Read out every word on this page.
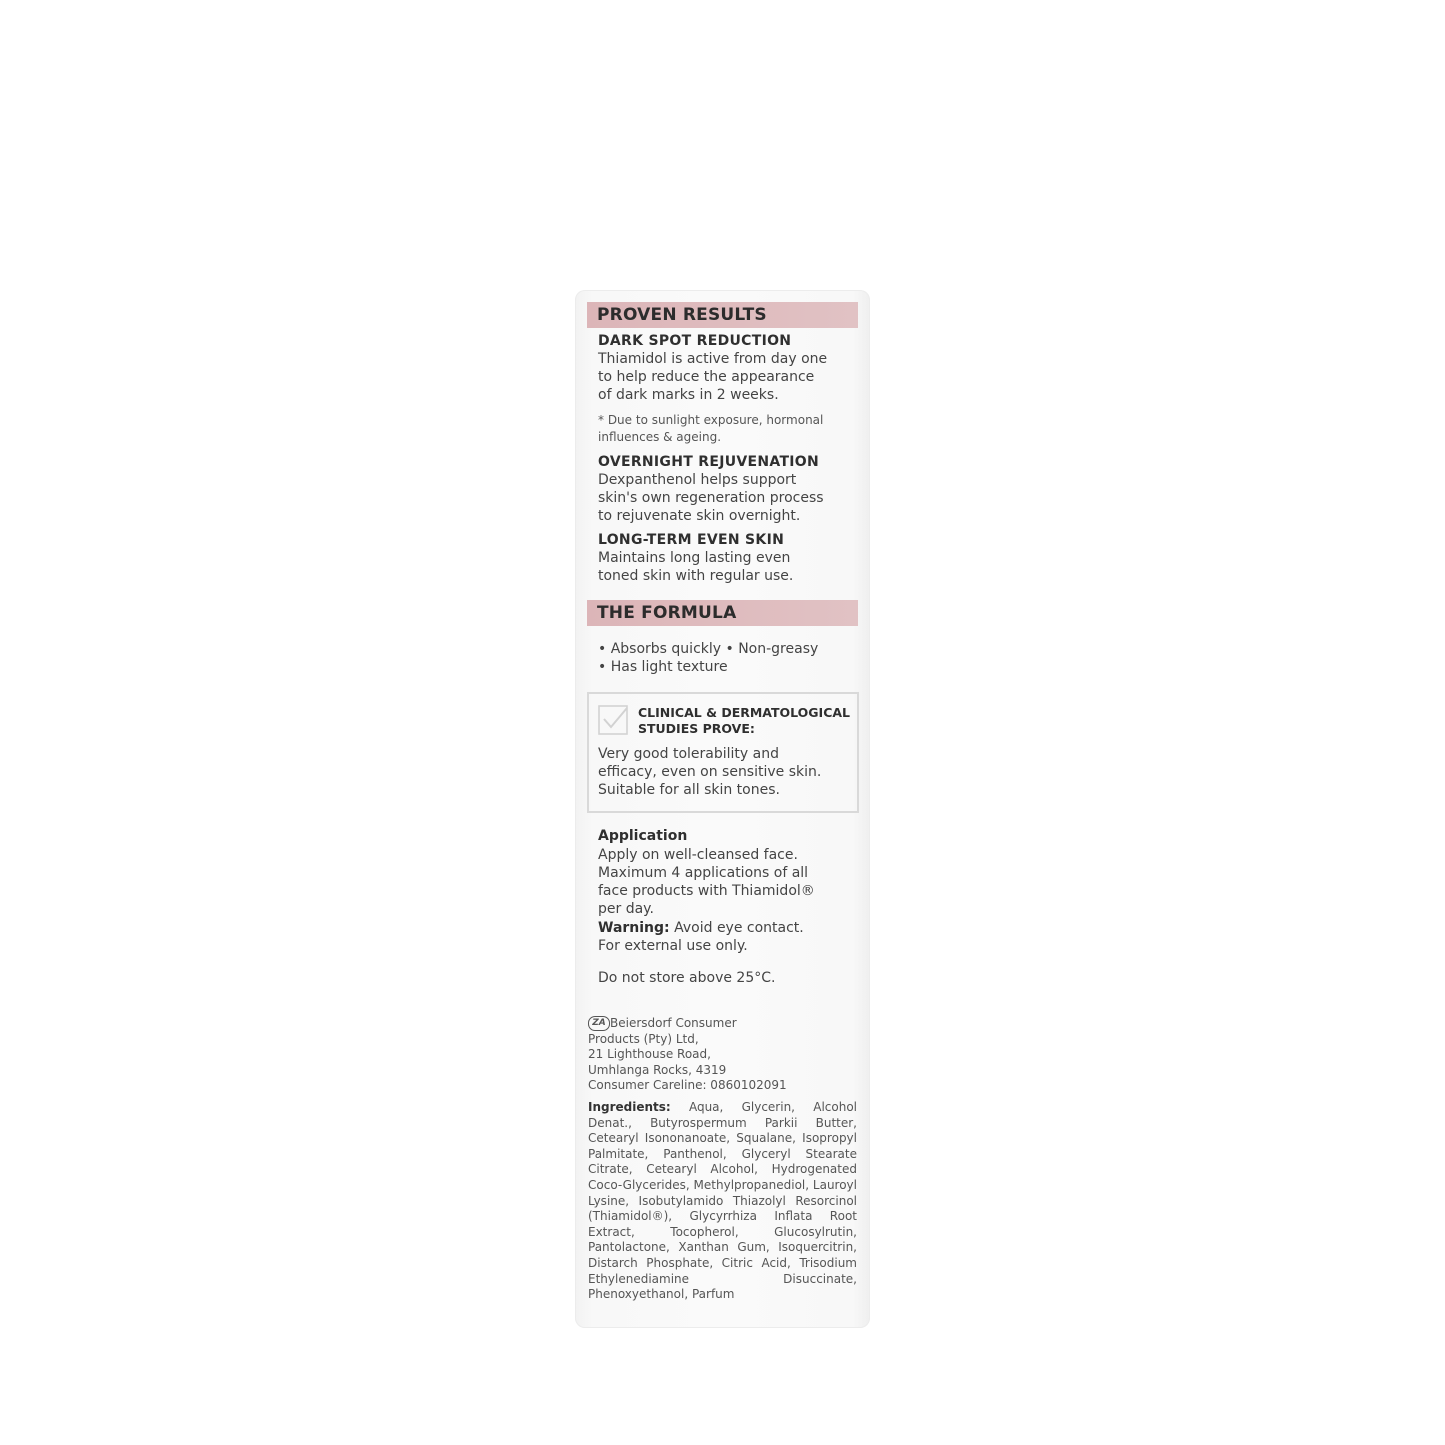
PROVEN RESULTS
DARK SPOT REDUCTION
Thiamidol is active from day one
to help reduce the appearance
of dark marks in 2 weeks.
* Due to sunlight exposure, hormonal
influences & ageing.
OVERNIGHT REJUVENATION
Dexpanthenol helps support
skin's own regeneration process
to rejuvenate skin overnight.
LONG-TERM EVEN SKIN
Maintains long lasting even
toned skin with regular use.
THE FORMULA
• Absorbs quickly • Non-greasy
• Has light texture
CLINICAL & DERMATOLOGICAL
STUDIES PROVE:
Very good tolerability and
efficacy, even on sensitive skin.
Suitable for all skin tones.
Application
Apply on well-cleansed face.
Maximum 4 applications of all
face products with Thiamidol®
per day.
Warning: Avoid eye contact.
For external use only.
Do not store above 25°C.
ZA Beiersdorf Consumer
Products (Pty) Ltd,
21 Lighthouse Road,
Umhlanga Rocks, 4319
Consumer Careline: 0860102091
Ingredients: Aqua, Glycerin, Alcohol Denat., Butyrospermum Parkii Butter, Cetearyl Isononanoate, Squalane, Isopropyl Palmitate, Panthenol, Glyceryl Stearate Citrate, Cetearyl Alcohol, Hydrogenated Coco-Glycerides, Methylpropanediol, Lauroyl Lysine, Isobutylamido Thiazolyl Resorcinol (Thiamidol®), Glycyrrhiza Inflata Root Extract, Tocopherol, Glucosylrutin, Pantolactone, Xanthan Gum, Isoquercitrin, Distarch Phosphate, Citric Acid, Trisodium Ethylenediamine Disuccinate, Phenoxyethanol, Parfum
